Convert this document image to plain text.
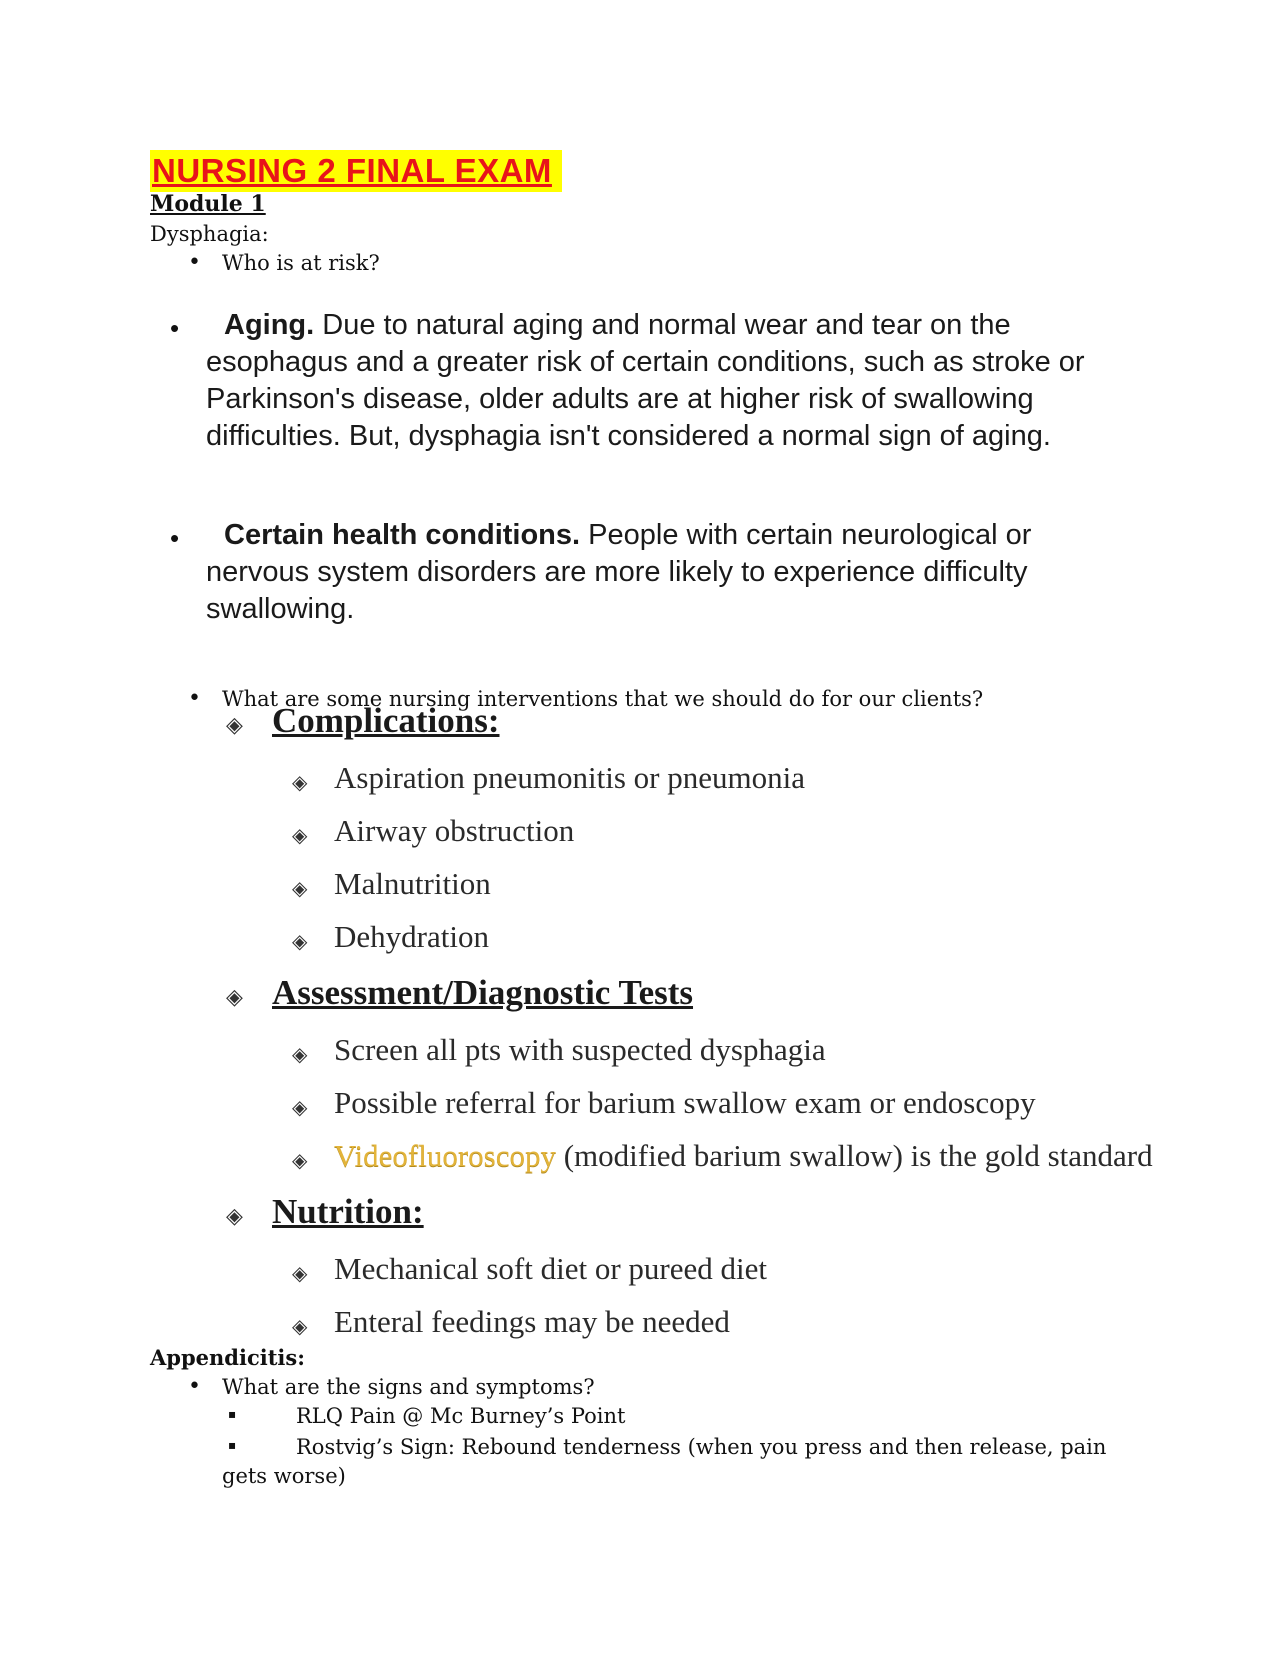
NURSING 2 FINAL EXAM
Module 1
Dysphagia:
• Who is at risk?
•	Aging. Due to natural aging and normal wear and tear on the esophagus and a greater risk of certain conditions, such as stroke or Parkinson's disease, older adults are at higher risk of swallowing difficulties. But, dysphagia isn't considered a normal sign of aging.
•	Certain health conditions. People with certain neurological or nervous system disorders are more likely to experience difficulty swallowing.
• What are some nursing interventions that we should do for our clients?
◈ Complications:
◈ Aspiration pneumonitis or pneumonia
◈ Airway obstruction
◈ Malnutrition
◈ Dehydration
◈ Assessment/Diagnostic Tests
◈ Screen all pts with suspected dysphagia
◈ Possible referral for barium swallow exam or endoscopy
◈ Videofluoroscopy (modified barium swallow) is the gold standard
◈ Nutrition:
◈ Mechanical soft diet or pureed diet
◈ Enteral feedings may be needed
Appendicitis:
• What are the signs and symptoms?
▪	RLQ Pain @ Mc Burney’s Point
▪	Rostvig’s Sign: Rebound tenderness (when you press and then release, pain
gets worse)
